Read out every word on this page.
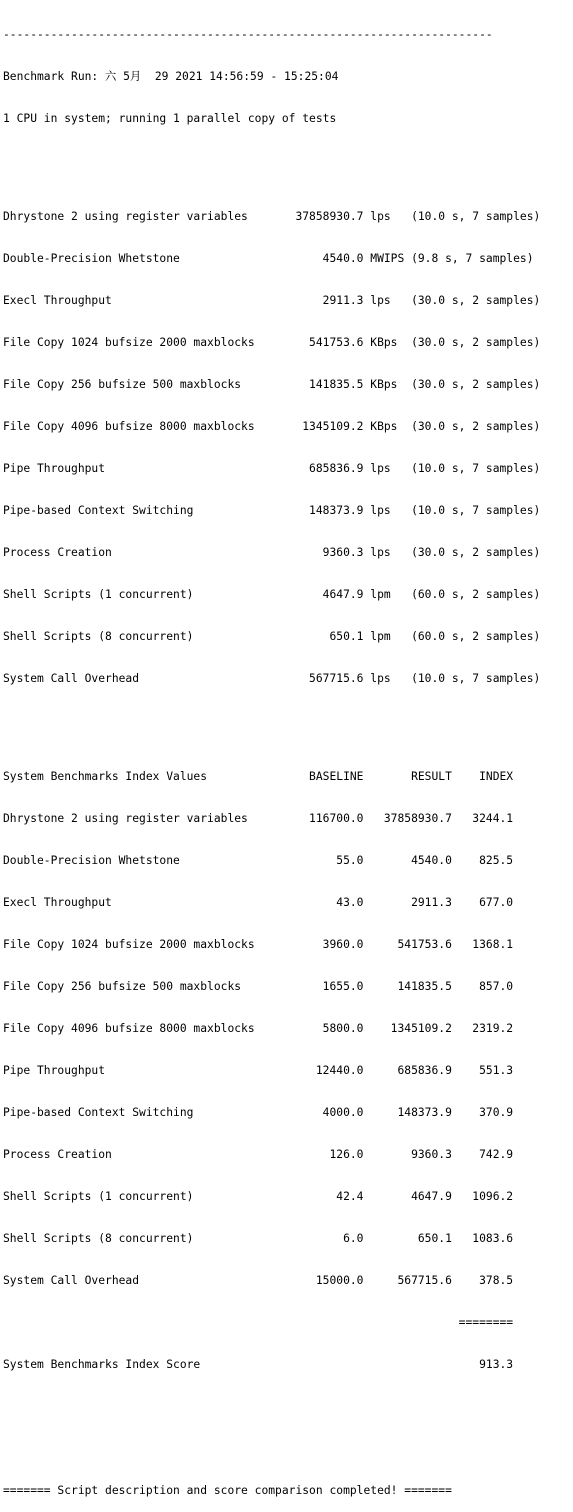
------------------------------------------------------------------------

Benchmark Run: 六 5月  29 2021 14:56:59 - 15:25:04

1 CPU in system; running 1 parallel copy of tests

Dhrystone 2 using register variables       37858930.7 lps   (10.0 s, 7 samples)

Double-Precision Whetstone                     4540.0 MWIPS (9.8 s, 7 samples)

Execl Throughput                               2911.3 lps   (30.0 s, 2 samples)

File Copy 1024 bufsize 2000 maxblocks        541753.6 KBps  (30.0 s, 2 samples)

File Copy 256 bufsize 500 maxblocks          141835.5 KBps  (30.0 s, 2 samples)

File Copy 4096 bufsize 8000 maxblocks       1345109.2 KBps  (30.0 s, 2 samples)

Pipe Throughput                              685836.9 lps   (10.0 s, 7 samples)

Pipe-based Context Switching                 148373.9 lps   (10.0 s, 7 samples)

Process Creation                               9360.3 lps   (30.0 s, 2 samples)

Shell Scripts (1 concurrent)                   4647.9 lpm   (60.0 s, 2 samples)

Shell Scripts (8 concurrent)                    650.1 lpm   (60.0 s, 2 samples)

System Call Overhead                         567715.6 lps   (10.0 s, 7 samples)

System Benchmarks Index Values               BASELINE       RESULT    INDEX

Dhrystone 2 using register variables         116700.0   37858930.7   3244.1

Double-Precision Whetstone                       55.0       4540.0    825.5

Execl Throughput                                 43.0       2911.3    677.0

File Copy 1024 bufsize 2000 maxblocks          3960.0     541753.6   1368.1

File Copy 256 bufsize 500 maxblocks            1655.0     141835.5    857.0

File Copy 4096 bufsize 8000 maxblocks          5800.0    1345109.2   2319.2

Pipe Throughput                               12440.0     685836.9    551.3

Pipe-based Context Switching                   4000.0     148373.9    370.9

Process Creation                                126.0       9360.3    742.9

Shell Scripts (1 concurrent)                     42.4       4647.9   1096.2

Shell Scripts (8 concurrent)                      6.0        650.1   1083.6

System Call Overhead                          15000.0     567715.6    378.5

========

System Benchmarks Index Score                                         913.3

======= Script description and score comparison completed! =======
